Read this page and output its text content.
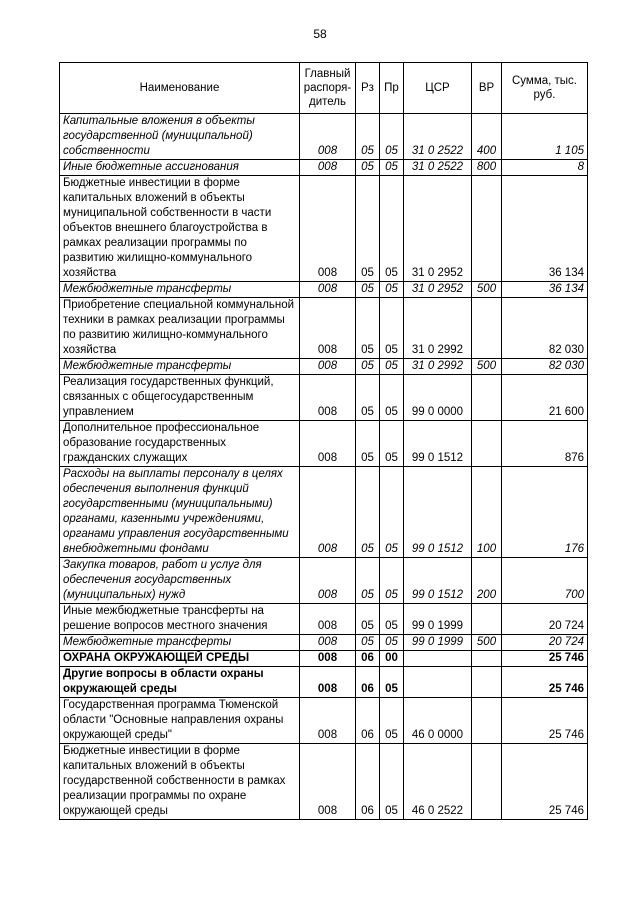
58
Наименование	Главный распоря-дитель	Рз	Пр	ЦСР	ВР	Сумма, тыс. руб.
Капитальные вложения в объекты государственной (муниципальной) собственности	008	05	05	31 0 2522	400	1 105
Иные бюджетные ассигнования	008	05	05	31 0 2522	800	8
Бюджетные инвестиции в форме капитальных вложений в объекты муниципальной собственности в части объектов внешнего благоустройства в рамках реализации программы по развитию жилищно-коммунального хозяйства	008	05	05	31 0 2952		36 134
Межбюджетные трансферты	008	05	05	31 0 2952	500	36 134
Приобретение специальной коммунальной техники в рамках реализации программы по развитию жилищно-коммунального хозяйства	008	05	05	31 0 2992		82 030
Межбюджетные трансферты	008	05	05	31 0 2992	500	82 030
Реализация государственных функций, связанных с общегосударственным управлением	008	05	05	99 0 0000		21 600
Дополнительное профессиональное образование государственных гражданских служащих	008	05	05	99 0 1512		876
Расходы на выплаты персоналу в целях обеспечения выполнения функций государственными (муниципальными) органами, казенными учреждениями, органами управления государственными внебюджетными фондами	008	05	05	99 0 1512	100	176
Закупка товаров, работ и услуг для обеспечения государственных (муниципальных) нужд	008	05	05	99 0 1512	200	700
Иные межбюджетные трансферты на решение вопросов местного значения	008	05	05	99 0 1999		20 724
Межбюджетные трансферты	008	05	05	99 0 1999	500	20 724
ОХРАНА ОКРУЖАЮЩЕЙ СРЕДЫ	008	06	00			25 746
Другие вопросы в области охраны окружающей среды	008	06	05			25 746
Государственная программа Тюменской области "Основные направления охраны окружающей среды"	008	06	05	46 0 0000		25 746
Бюджетные инвестиции в форме капитальных вложений в объекты государственной собственности в рамках реализации программы по охране окружающей среды	008	06	05	46 0 2522		25 746
